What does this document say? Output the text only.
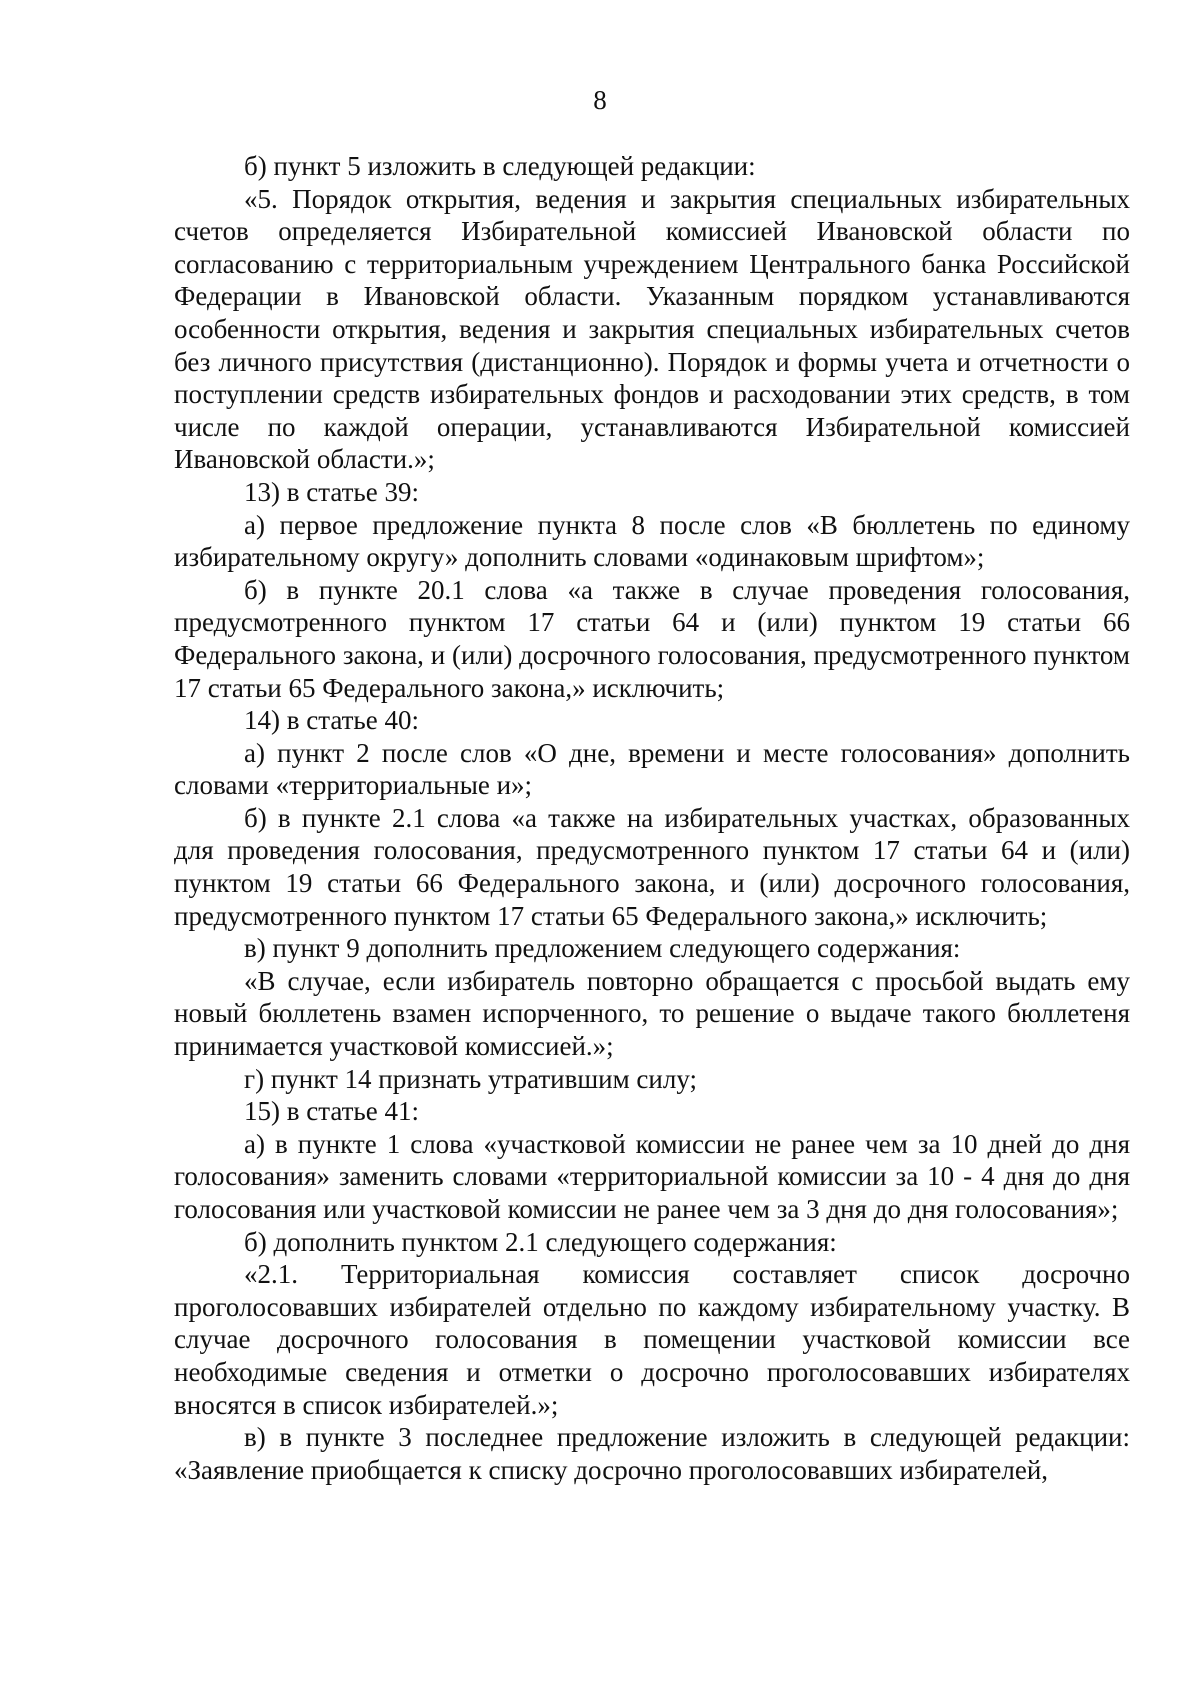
8

б) пункт 5 изложить в следующей редакции:

«5. Порядок открытия, ведения и закрытия специальных избирательных счетов определяется Избирательной комиссией Ивановской области по согласованию с территориальным учреждением Центрального банка Российской Федерации в Ивановской области. Указанным порядком устанавливаются особенности открытия, ведения и закрытия специальных избирательных счетов без личного присутствия (дистанционно). Порядок и формы учета и отчетности о поступлении средств избирательных фондов и расходовании этих средств, в том числе по каждой операции, устанавливаются Избирательной комиссией Ивановской области.»;

13) в статье 39:

а) первое предложение пункта 8 после слов «В бюллетень по единому избирательному округу» дополнить словами «одинаковым шрифтом»;

б) в пункте 20.1 слова «а также в случае проведения голосования, предусмотренного пунктом 17 статьи 64 и (или) пунктом 19 статьи 66 Федерального закона, и (или) досрочного голосования, предусмотренного пунктом 17 статьи 65 Федерального закона,» исключить;

14) в статье 40:

а) пункт 2 после слов «О дне, времени и месте голосования» дополнить словами «территориальные и»;

б) в пункте 2.1 слова «а также на избирательных участках, образованных для проведения голосования, предусмотренного пунктом 17 статьи 64 и (или) пунктом 19 статьи 66 Федерального закона, и (или) досрочного голосования, предусмотренного пунктом 17 статьи 65 Федерального закона,» исключить;

в) пункт 9 дополнить предложением следующего содержания:

«В случае, если избиратель повторно обращается с просьбой выдать ему новый бюллетень взамен испорченного, то решение о выдаче такого бюллетеня принимается участковой комиссией.»;

г) пункт 14 признать утратившим силу;

15) в статье 41:

а) в пункте 1 слова «участковой комиссии не ранее чем за 10 дней до дня голосования» заменить словами «территориальной комиссии за 10 - 4 дня до дня голосования или участковой комиссии не ранее чем за 3 дня до дня голосования»;

б) дополнить пунктом 2.1 следующего содержания:

«2.1. Территориальная комиссия составляет список досрочно проголосовавших избирателей отдельно по каждому избирательному участку. В случае досрочного голосования в помещении участковой комиссии все необходимые сведения и отметки о досрочно проголосовавших избирателях вносятся в список избирателей.»;

в) в пункте 3 последнее предложение изложить в следующей редакции: «Заявление приобщается к списку досрочно проголосовавших избирателей,
